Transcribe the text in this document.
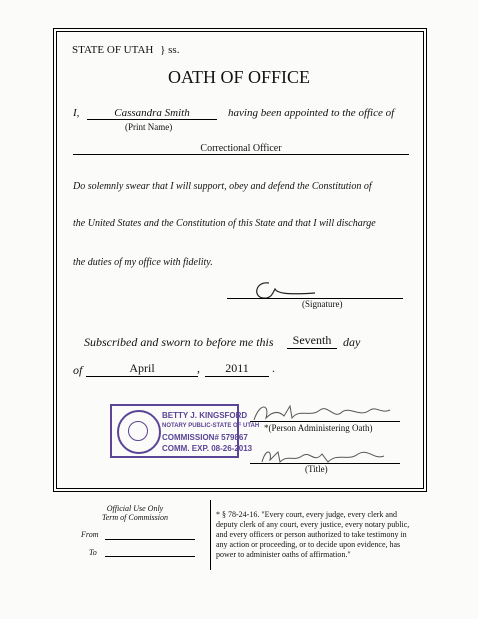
STATE OF UTAH } ss.
OATH OF OFFICE
I,	Cassandra Smith
(Print Name)
having been appointed to the office of
Correctional Officer
Do solemnly swear that I will support, obey and defend the Constitution of
the United States and the Constitution of this State and that I will discharge
the duties of my office with fidelity.
(Signature)
Subscribed and sworn to before me this	Seventh day
of	April	,	2011	.
BETTY J. KINGSFORD
NOTARY PUBLIC-STATE OF UTAH
COMMISSION# 579867
COMM. EXP. 08-26-2013
*(Person Administering Oath)
(Title)
Official Use Only
Term of Commission
From
To
* § 78-24-16. "Every court, every judge, every clerk and
deputy clerk of any court, every justice, every notary public,
and every officers or person authorized to take testimony in
any action or proceeding, or to decide upon evidence, has
power to administer oaths of affirmation."
